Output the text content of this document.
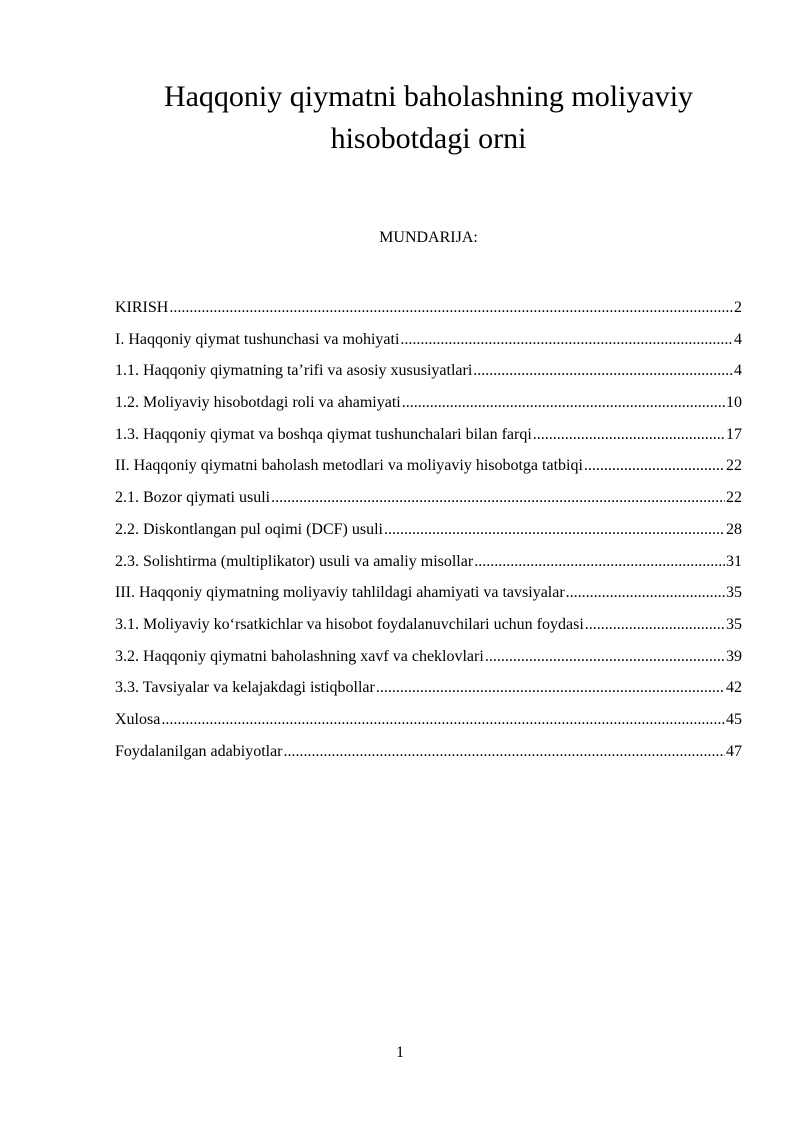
Haqqoniy qiymatni baholashning moliyaviy
hisobotdagi orni
MUNDARIJA:
KIRISH .....	2
I. Haqqoniy qiymat tushunchasi va mohiyati .....	4
1.1. Haqqoniy qiymatning ta’rifi va asosiy xususiyatlari .....	4
1.2. Moliyaviy hisobotdagi roli va ahamiyati .....	10
1.3. Haqqoniy qiymat va boshqa qiymat tushunchalari bilan farqi .....	17
II. Haqqoniy qiymatni baholash metodlari va moliyaviy hisobotga tatbiqi .....	22
2.1. Bozor qiymati usuli .....	22
2.2. Diskontlangan pul oqimi (DCF) usuli .....	28
2.3. Solishtirma (multiplikator) usuli va amaliy misollar .....	31
III. Haqqoniy qiymatning moliyaviy tahlildagi ahamiyati va tavsiyalar .....	35
3.1. Moliyaviy ko‘rsatkichlar va hisobot foydalanuvchilari uchun foydasi .....	35
3.2. Haqqoniy qiymatni baholashning xavf va cheklovlari .....	39
3.3. Tavsiyalar va kelajakdagi istiqbollar .....	42
Xulosa .....	45
Foydalanilgan adabiyotlar .....	47

1
